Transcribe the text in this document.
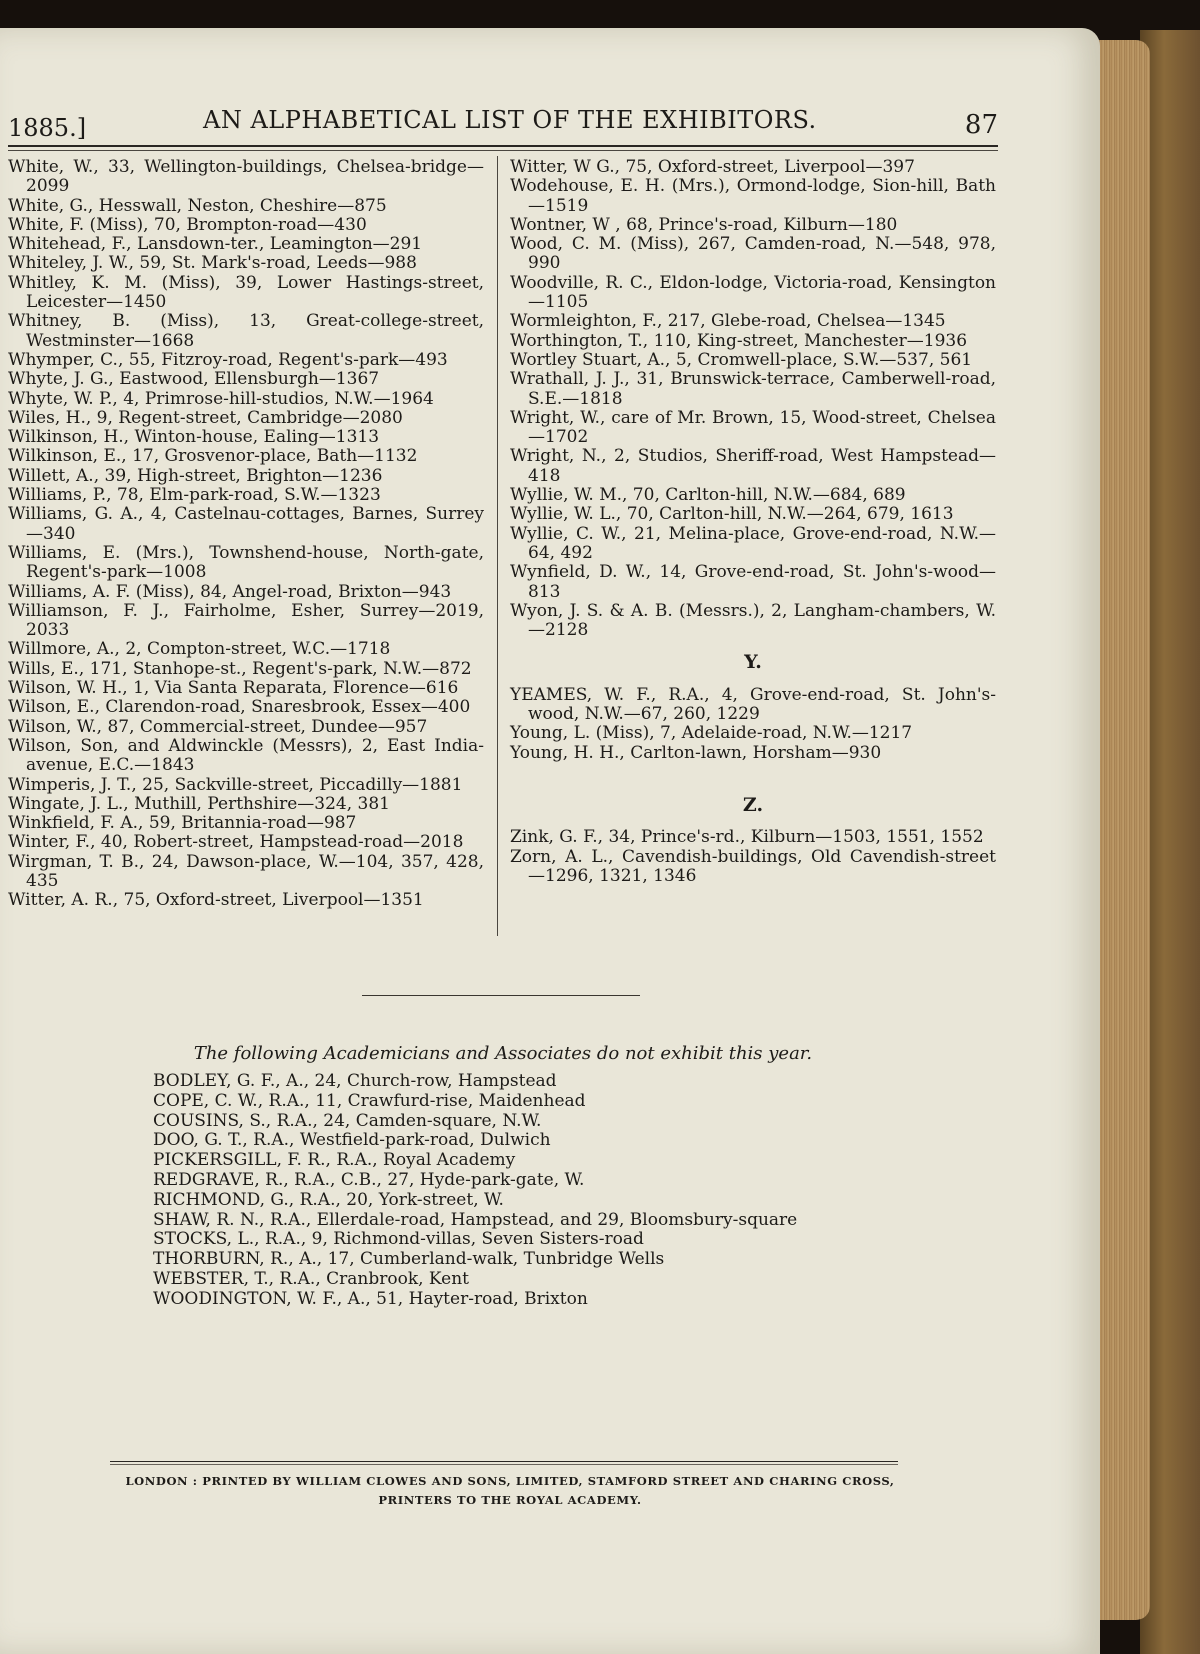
1885.]	AN ALPHABETICAL LIST OF THE EXHIBITORS.	87

White, W., 33, Wellington-buildings, Chelsea-bridge—2099

White, G., Hesswall, Neston, Cheshire—875

White, F. (Miss), 70, Brompton-road—430

Whitehead, F., Lansdown-ter., Leamington—291

Whiteley, J. W., 59, St. Mark's-road, Leeds—988

Whitley, K. M. (Miss), 39, Lower Hastings-street, Leicester—1450

Whitney, B. (Miss), 13, Great-college-street, Westminster—1668

Whymper, C., 55, Fitzroy-road, Regent's-park—493

Whyte, J. G., Eastwood, Ellensburgh—1367

Whyte, W. P., 4, Primrose-hill-studios, N.W.—1964

Wiles, H., 9, Regent-street, Cambridge—2080

Wilkinson, H., Winton-house, Ealing—1313

Wilkinson, E., 17, Grosvenor-place, Bath—1132

Willett, A., 39, High-street, Brighton—1236

Williams, P., 78, Elm-park-road, S.W.—1323

Williams, G. A., 4, Castelnau-cottages, Barnes, Surrey—340

Williams, E. (Mrs.), Townshend-house, North-gate, Regent's-park—1008

Williams, A. F. (Miss), 84, Angel-road, Brixton—943

Williamson, F. J., Fairholme, Esher, Surrey—2019, 2033

Willmore, A., 2, Compton-street, W.C.—1718

Wills, E., 171, Stanhope-st., Regent's-park, N.W.—872

Wilson, W. H., 1, Via Santa Reparata, Florence—616

Wilson, E., Clarendon-road, Snaresbrook, Essex—400

Wilson, W., 87, Commercial-street, Dundee—957

Wilson, Son, and Aldwinckle (Messrs), 2, East India-avenue, E.C.—1843

Wimperis, J. T., 25, Sackville-street, Piccadilly—1881

Wingate, J. L., Muthill, Perthshire—324, 381

Winkfield, F. A., 59, Britannia-road—987

Winter, F., 40, Robert-street, Hampstead-road—2018

Wirgman, T. B., 24, Dawson-place, W.—104, 357, 428, 435

Witter, A. R., 75, Oxford-street, Liverpool—1351

Witter, W G., 75, Oxford-street, Liverpool—397

Wodehouse, E. H. (Mrs.), Ormond-lodge, Sion-hill, Bath—1519

Wontner, W , 68, Prince's-road, Kilburn—180

Wood, C. M. (Miss), 267, Camden-road, N.—548, 978, 990

Woodville, R. C., Eldon-lodge, Victoria-road, Kensington—1105

Wormleighton, F., 217, Glebe-road, Chelsea—1345

Worthington, T., 110, King-street, Manchester—1936

Wortley Stuart, A., 5, Cromwell-place, S.W.—537, 561

Wrathall, J. J., 31, Brunswick-terrace, Camberwell-road, S.E.—1818

Wright, W., care of Mr. Brown, 15, Wood-street, Chelsea—1702

Wright, N., 2, Studios, Sheriff-road, West Hampstead—418

Wyllie, W. M., 70, Carlton-hill, N.W.—684, 689

Wyllie, W. L., 70, Carlton-hill, N.W.—264, 679, 1613

Wyllie, C. W., 21, Melina-place, Grove-end-road, N.W.—64, 492

Wynfield, D. W., 14, Grove-end-road, St. John's-wood—813

Wyon, J. S. & A. B. (Messrs.), 2, Langham-chambers, W.—2128

Y.

YEAMES, W. F., R.A., 4, Grove-end-road, St. John's-wood, N.W.—67, 260, 1229

Young, L. (Miss), 7, Adelaide-road, N.W.—1217

Young, H. H., Carlton-lawn, Horsham—930

Z.

Zink, G. F., 34, Prince's-rd., Kilburn—1503, 1551, 1552

Zorn, A. L., Cavendish-buildings, Old Cavendish-street—1296, 1321, 1346

The following Academicians and Associates do not exhibit this year.
BODLEY, G. F., A., 24, Church-row, Hampstead
COPE, C. W., R.A., 11, Crawfurd-rise, Maidenhead
COUSINS, S., R.A., 24, Camden-square, N.W.
DOO, G. T., R.A., Westfield-park-road, Dulwich
PICKERSGILL, F. R., R.A., Royal Academy
REDGRAVE, R., R.A., C.B., 27, Hyde-park-gate, W.
RICHMOND, G., R.A., 20, York-street, W.
SHAW, R. N., R.A., Ellerdale-road, Hampstead, and 29, Bloomsbury-square
STOCKS, L., R.A., 9, Richmond-villas, Seven Sisters-road
THORBURN, R., A., 17, Cumberland-walk, Tunbridge Wells
WEBSTER, T., R.A., Cranbrook, Kent
WOODINGTON, W. F., A., 51, Hayter-road, Brixton
LONDON : PRINTED BY WILLIAM CLOWES AND SONS, LIMITED, STAMFORD STREET AND CHARING CROSS,
PRINTERS TO THE ROYAL ACADEMY.
